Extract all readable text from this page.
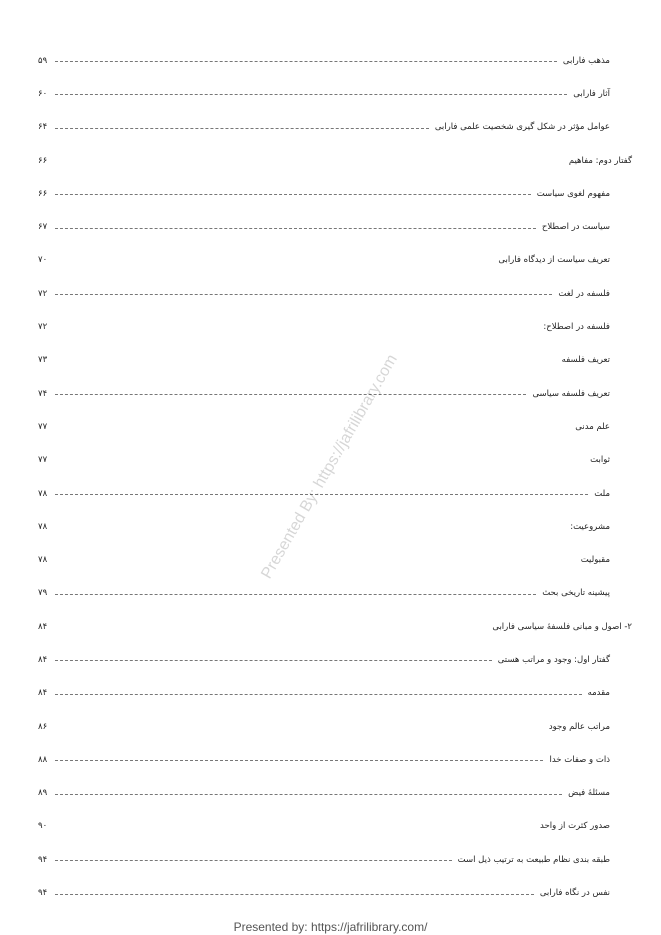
مذهب فارابی
۵۹
آثار فارابی
۶۰
عوامل مؤثر در شکل گیری شخصیت علمی فارابی
۶۴
گفتار دوم: مفاهیم
۶۶
مفهوم لغوی سیاست
۶۶
سیاست در اصطلاح
۶۷
تعریف سیاست از دیدگاه فارابی
۷۰
فلسفه در لغت
۷۲
فلسفه در اصطلاح:
۷۲
تعریف فلسفه
۷۳
تعریف فلسفه سیاسی
۷۴
علم مدنی
۷۷
ثوابت
۷۷
ملت
۷۸
مشروعیت:
۷۸
مقبولیت
۷۸
پیشینه تاریخی بحث
۷۹
۲- اصول و مبانی فلسفهٔ سیاسی فارابی
۸۴
گفتار اول: وجود و مراتب هستی
۸۴
مقدمه
۸۴
مراتب عالم وجود
۸۶
ذات و صفات خدا
۸۸
مسئلهٔ فیض
۸۹
صدور کثرت از واحد
۹۰
طبقه بندی نظام طبیعت به ترتیب ذیل است
۹۴
نفس در نگاه فارابی
۹۴
Presented By: https://jafrilibrary.com
Presented by: https://jafrilibrary.com/
